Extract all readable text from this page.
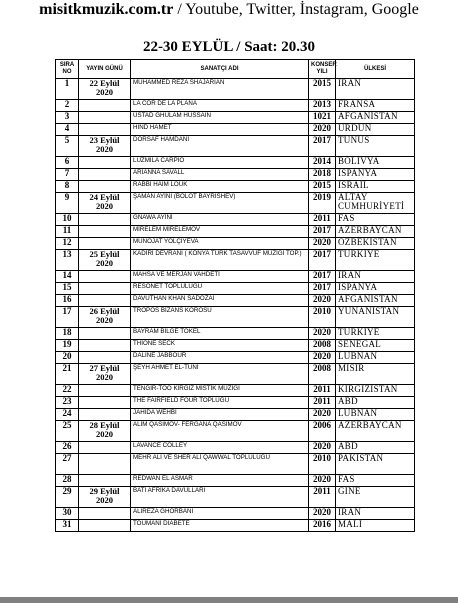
misitkmuzik.com.tr / Youtube, Twitter, İnstagram, Google
22-30 EYLÜL / Saat: 20.30
SIRA NO	YAYIN GÜNÜ	SANATÇI ADI	KONSER YILI	ÜLKESİ
1	22 Eylül 2020	MUHAMMED REZA SHAJARIAN	2015	İRAN
2		LA COR DE LA PLANA	2013	FRANSA
3		ÜSTAD GHULAM HUSSAIN	1021	AFGANİSTAN
4		HIND HAMET	2020	ÜRDÜN
5	23 Eylül 2020	DORSAF HAMDANİ	2017	TUNUS
6		LUZMILA CARPIO	2014	BOLİVYA
7		ARİANNA SAVALL	2018	İSPANYA
8		RABBİ HAIM LOUK	2015	İSRAİL
9	24 Eylül 2020	ŞAMAN AYİNİ (BOLOT BAYRISHEV)	2019	ALTAY CUMHURİYETİ
10		GNAWA AYİNİ	2011	FAS
11		MİRELEM MİRELEMOV	2017	AZERBAYCAN
12		MUNOJAT YOLÇIYEVA	2020	ÖZBEKİSTAN
13	25 Eylül 2020	KADİRİ DEVRANI ( KONYA TÜRK TASAVVUF MÜZİĞİ TOP.)	2017	TÜRKİYE
14		MAHSA VE MERJAN VAHDETİ	2017	İRAN
15		RESONET TOPLULUĞU	2017	İSPANYA
16		DAVUTHAN KHAN SADOZAI	2020	AFGANİSTAN
17	26 Eylül 2020	TROPOS BİZANS KOROSU	2010	YUNANİSTAN
18		BAYRAM BİLGE TOKEL	2020	TÜRKİYE
19		THİONE SECK	2008	SENEGAL
20		DALİNE JABBOUR	2020	LÜBNAN
21	27 Eylül 2020	ŞEYH AHMET EL-TUNİ	2008	MISIR
22		TENGIR-TOO KIRGIZ MİSTİK MÜZİĞİ	2011	KIRGIZİSTAN
23		THE FAIRFIELD FOUR TOPLUĞU	2011	ABD
24		JAHIDA WEHBİ	2020	LÜBNAN
25	28 Eylül 2020	ALİM QASIMOV- FERGANA QASIMOV	2006	AZERBAYCAN
26		LAVANCE COLLEY	2020	ABD
27		MEHR ALİ VE SHER ALİ QAWWAL TOPLULUĞU	2010	PAKİSTAN
28		REDWAN EL ASMAR	2020	FAS
29	29 Eylül 2020	BATI AFRİKA DAVULLARI	2011	GİNE
30		ALİREZA GHORBANİ	2020	İRAN
31		TOUMANİ DİABETE	2016	MALİ
